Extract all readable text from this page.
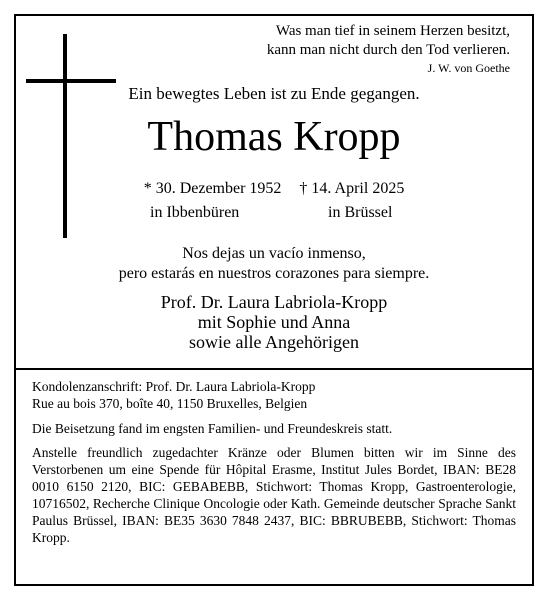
Was man tief in seinem Herzen besitzt,
kann man nicht durch den Tod verlieren.
J. W. von Goethe
Ein bewegtes Leben ist zu Ende gegangen.
Thomas Kropp
* 30. Dezember 1952 † 14. April 2025
in Ibbenbüren	in Brüssel
Nos dejas un vacío inmenso,
pero estarás en nuestros corazones para siempre.
Prof. Dr. Laura Labriola-Kropp
mit Sophie und Anna
sowie alle Angehörigen
Kondolenzanschrift: Prof. Dr. Laura Labriola-Kropp
Rue au bois 370, boîte 40, 1150 Bruxelles, Belgien
Die Beisetzung fand im engsten Familien- und Freundeskreis statt.
Anstelle freundlich zugedachter Kränze oder Blumen bitten wir im Sinne des Verstorbenen um eine Spende für Hôpital Erasme, Institut Jules Bordet, IBAN: BE28 0010 6150 2120, BIC: GEBABEBB, Stichwort: Thomas Kropp, Gastroenterologie, 10716502, Recherche Clinique Oncologie oder Kath. Gemeinde deutscher Sprache Sankt Paulus Brüssel, IBAN: BE35 3630 7848 2437, BIC: BBRUBEBB, Stichwort: Thomas Kropp.
